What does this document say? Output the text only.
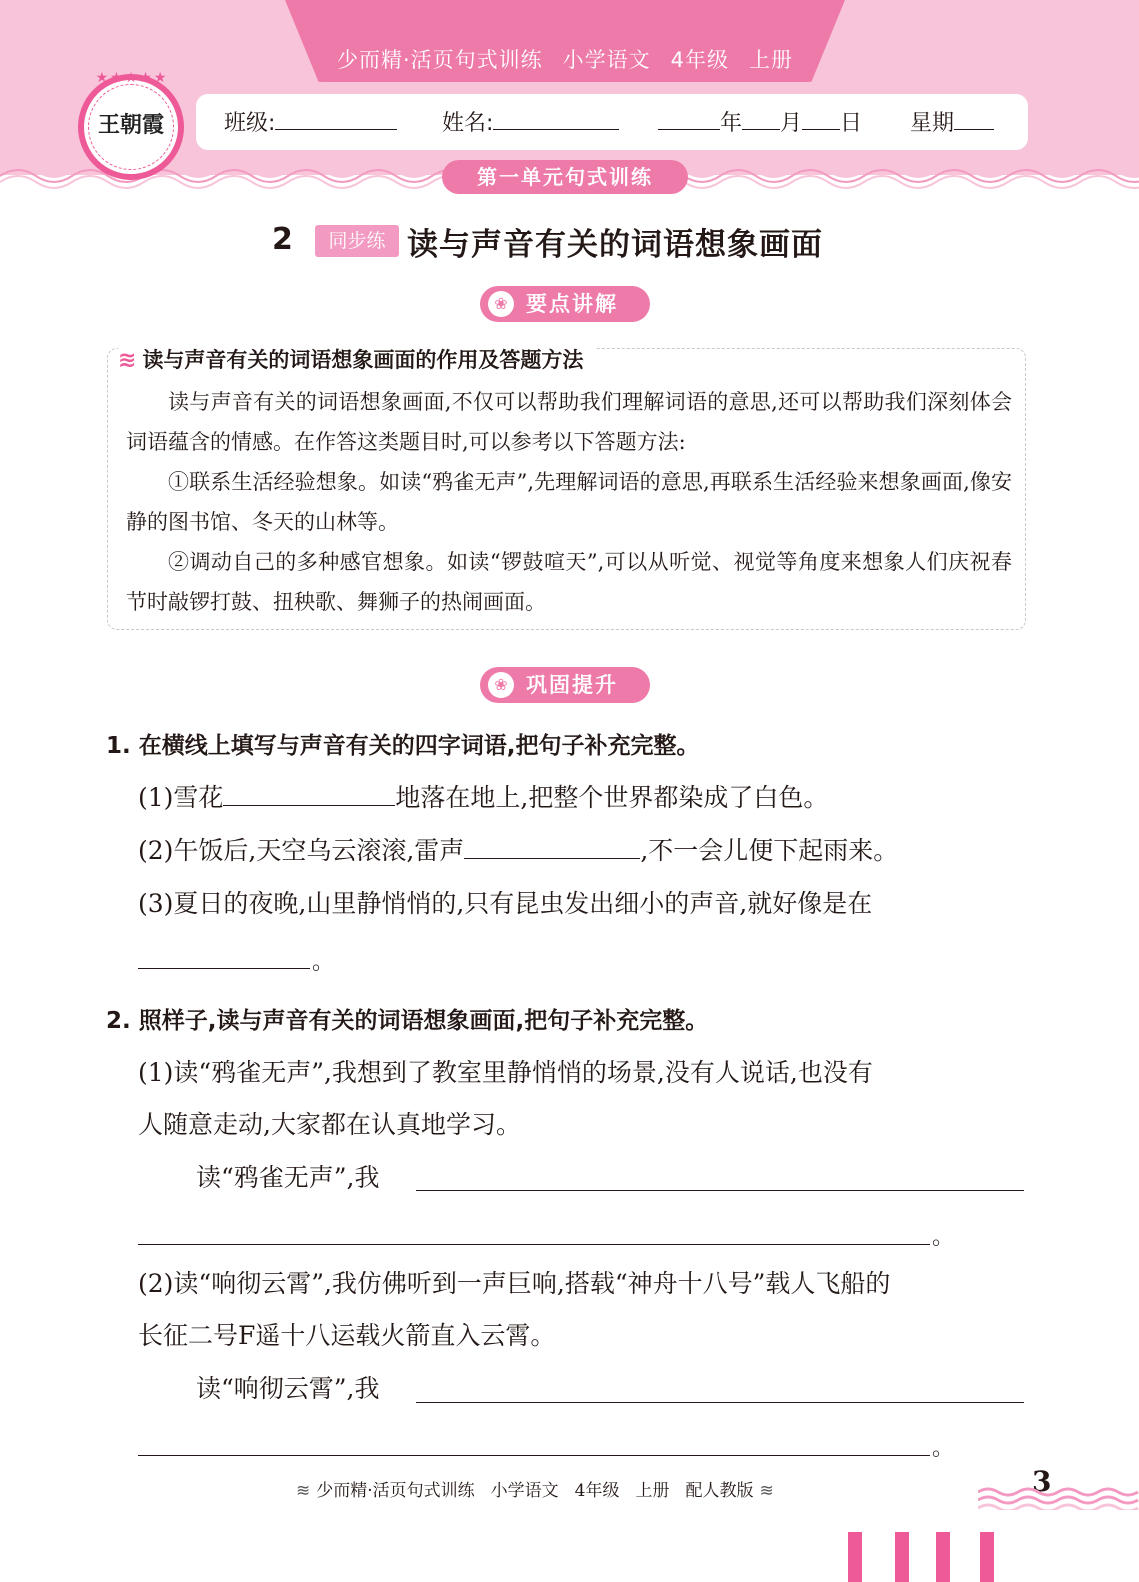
少而精·活页句式训练 小学语文 4年级 上册
★★★★★
王朝霞	班级:	姓名:	年 月 日 星期
第一单元句式训练
2	同步练 读与声音有关的词语想象画面
❀ 要点讲解
≋ 读与声音有关的词语想象画面的作用及答题方法

读与声音有关的词语想象画面,不仅可以帮助我们理解词语的意思,还可以帮助我们深刻体会词语蕴含的情感。在作答这类题目时,可以参考以下答题方法:

①联系生活经验想象。如读“鸦雀无声”,先理解词语的意思,再联系生活经验来想象画面,像安静的图书馆、冬天的山林等。

②调动自己的多种感官想象。如读“锣鼓喧天”,可以从听觉、视觉等角度来想象人们庆祝春节时敲锣打鼓、扭秧歌、舞狮子的热闹画面。

❀ 巩固提升
1. 在横线上填写与声音有关的四字词语,把句子补充完整。
(1)雪花	地落在地上,把整个世界都染成了白色。
(2)午饭后,天空乌云滚滚,雷声	,不一会儿便下起雨来。
(3)夏日的夜晚,山里静悄悄的,只有昆虫发出细小的声音,就好像是在
。
2. 照样子,读与声音有关的词语想象画面,把句子补充完整。
(1)读“鸦雀无声”,我想到了教室里静悄悄的场景,没有人说话,也没有
人随意走动,大家都在认真地学习。
读“鸦雀无声”,我
。
(2)读“响彻云霄”,我仿佛听到一声巨响,搭载“神舟十八号”载人飞船的
长征二号F遥十八运载火箭直入云霄。
读“响彻云霄”,我
。
≋ 少而精·活页句式训练 小学语文 4年级 上册 配人教版 ≋	3
